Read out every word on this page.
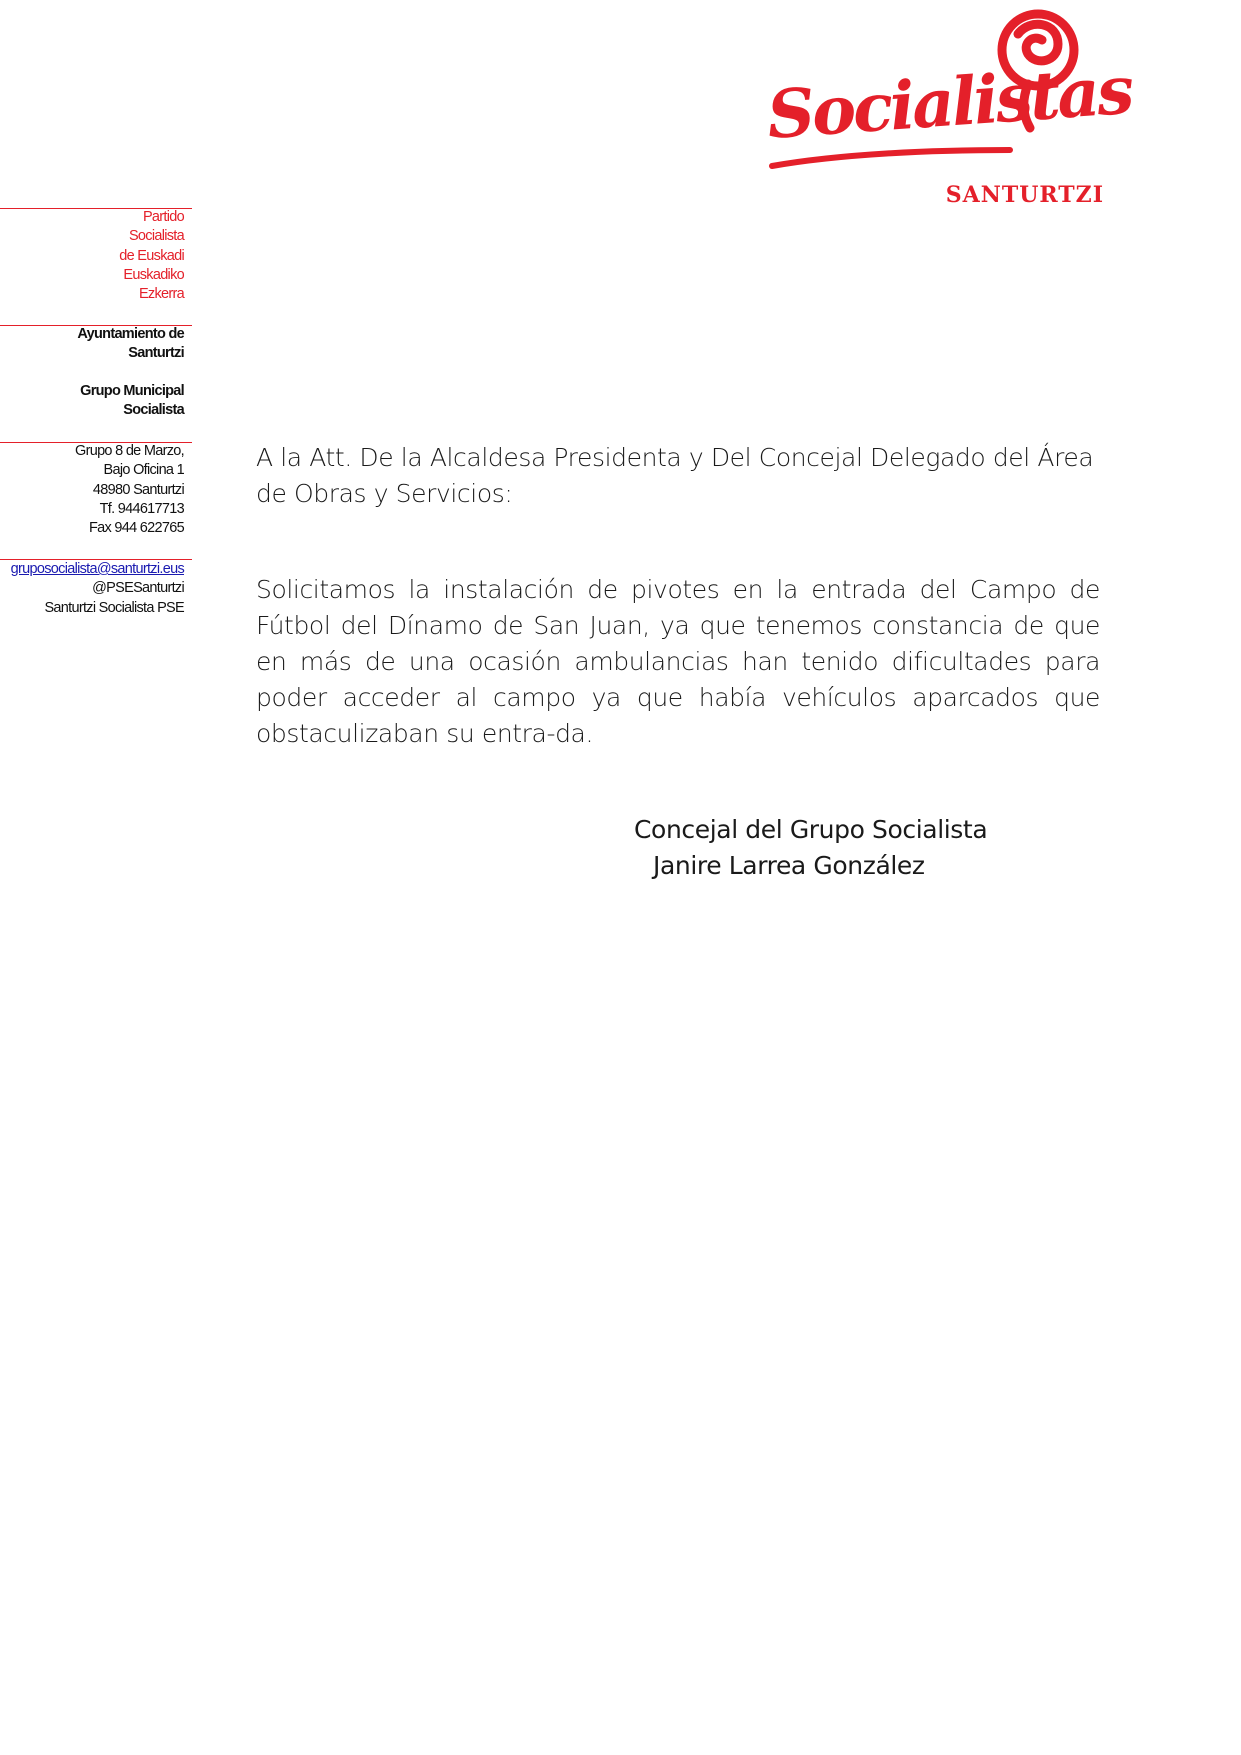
Socialistas
SANTURTZI
Partido
Socialista
de Euskadi
Euskadiko
Ezkerra
Ayuntamiento de
Santurtzi
Grupo Municipal
Socialista
Grupo 8 de Marzo,
Bajo Oficina 1
48980 Santurtzi
Tf. 944617713
Fax 944 622765
gruposocialista@santurtzi.eus
@PSESanturtzi
Santurtzi Socialista PSE
A la Att. De la Alcaldesa Presidenta y Del Concejal Delegado del Área de Obras y Servicios:
Solicitamos la instalación de pivotes en la entrada del Campo de Fútbol del Dínamo de San Juan, ya que tenemos constancia de que en más de una ocasión ambulancias han tenido dificultades para poder acceder al campo ya que había vehículos aparcados que obstaculizaban su entra-da.
Concejal del Grupo Socialista
Janire Larrea González
